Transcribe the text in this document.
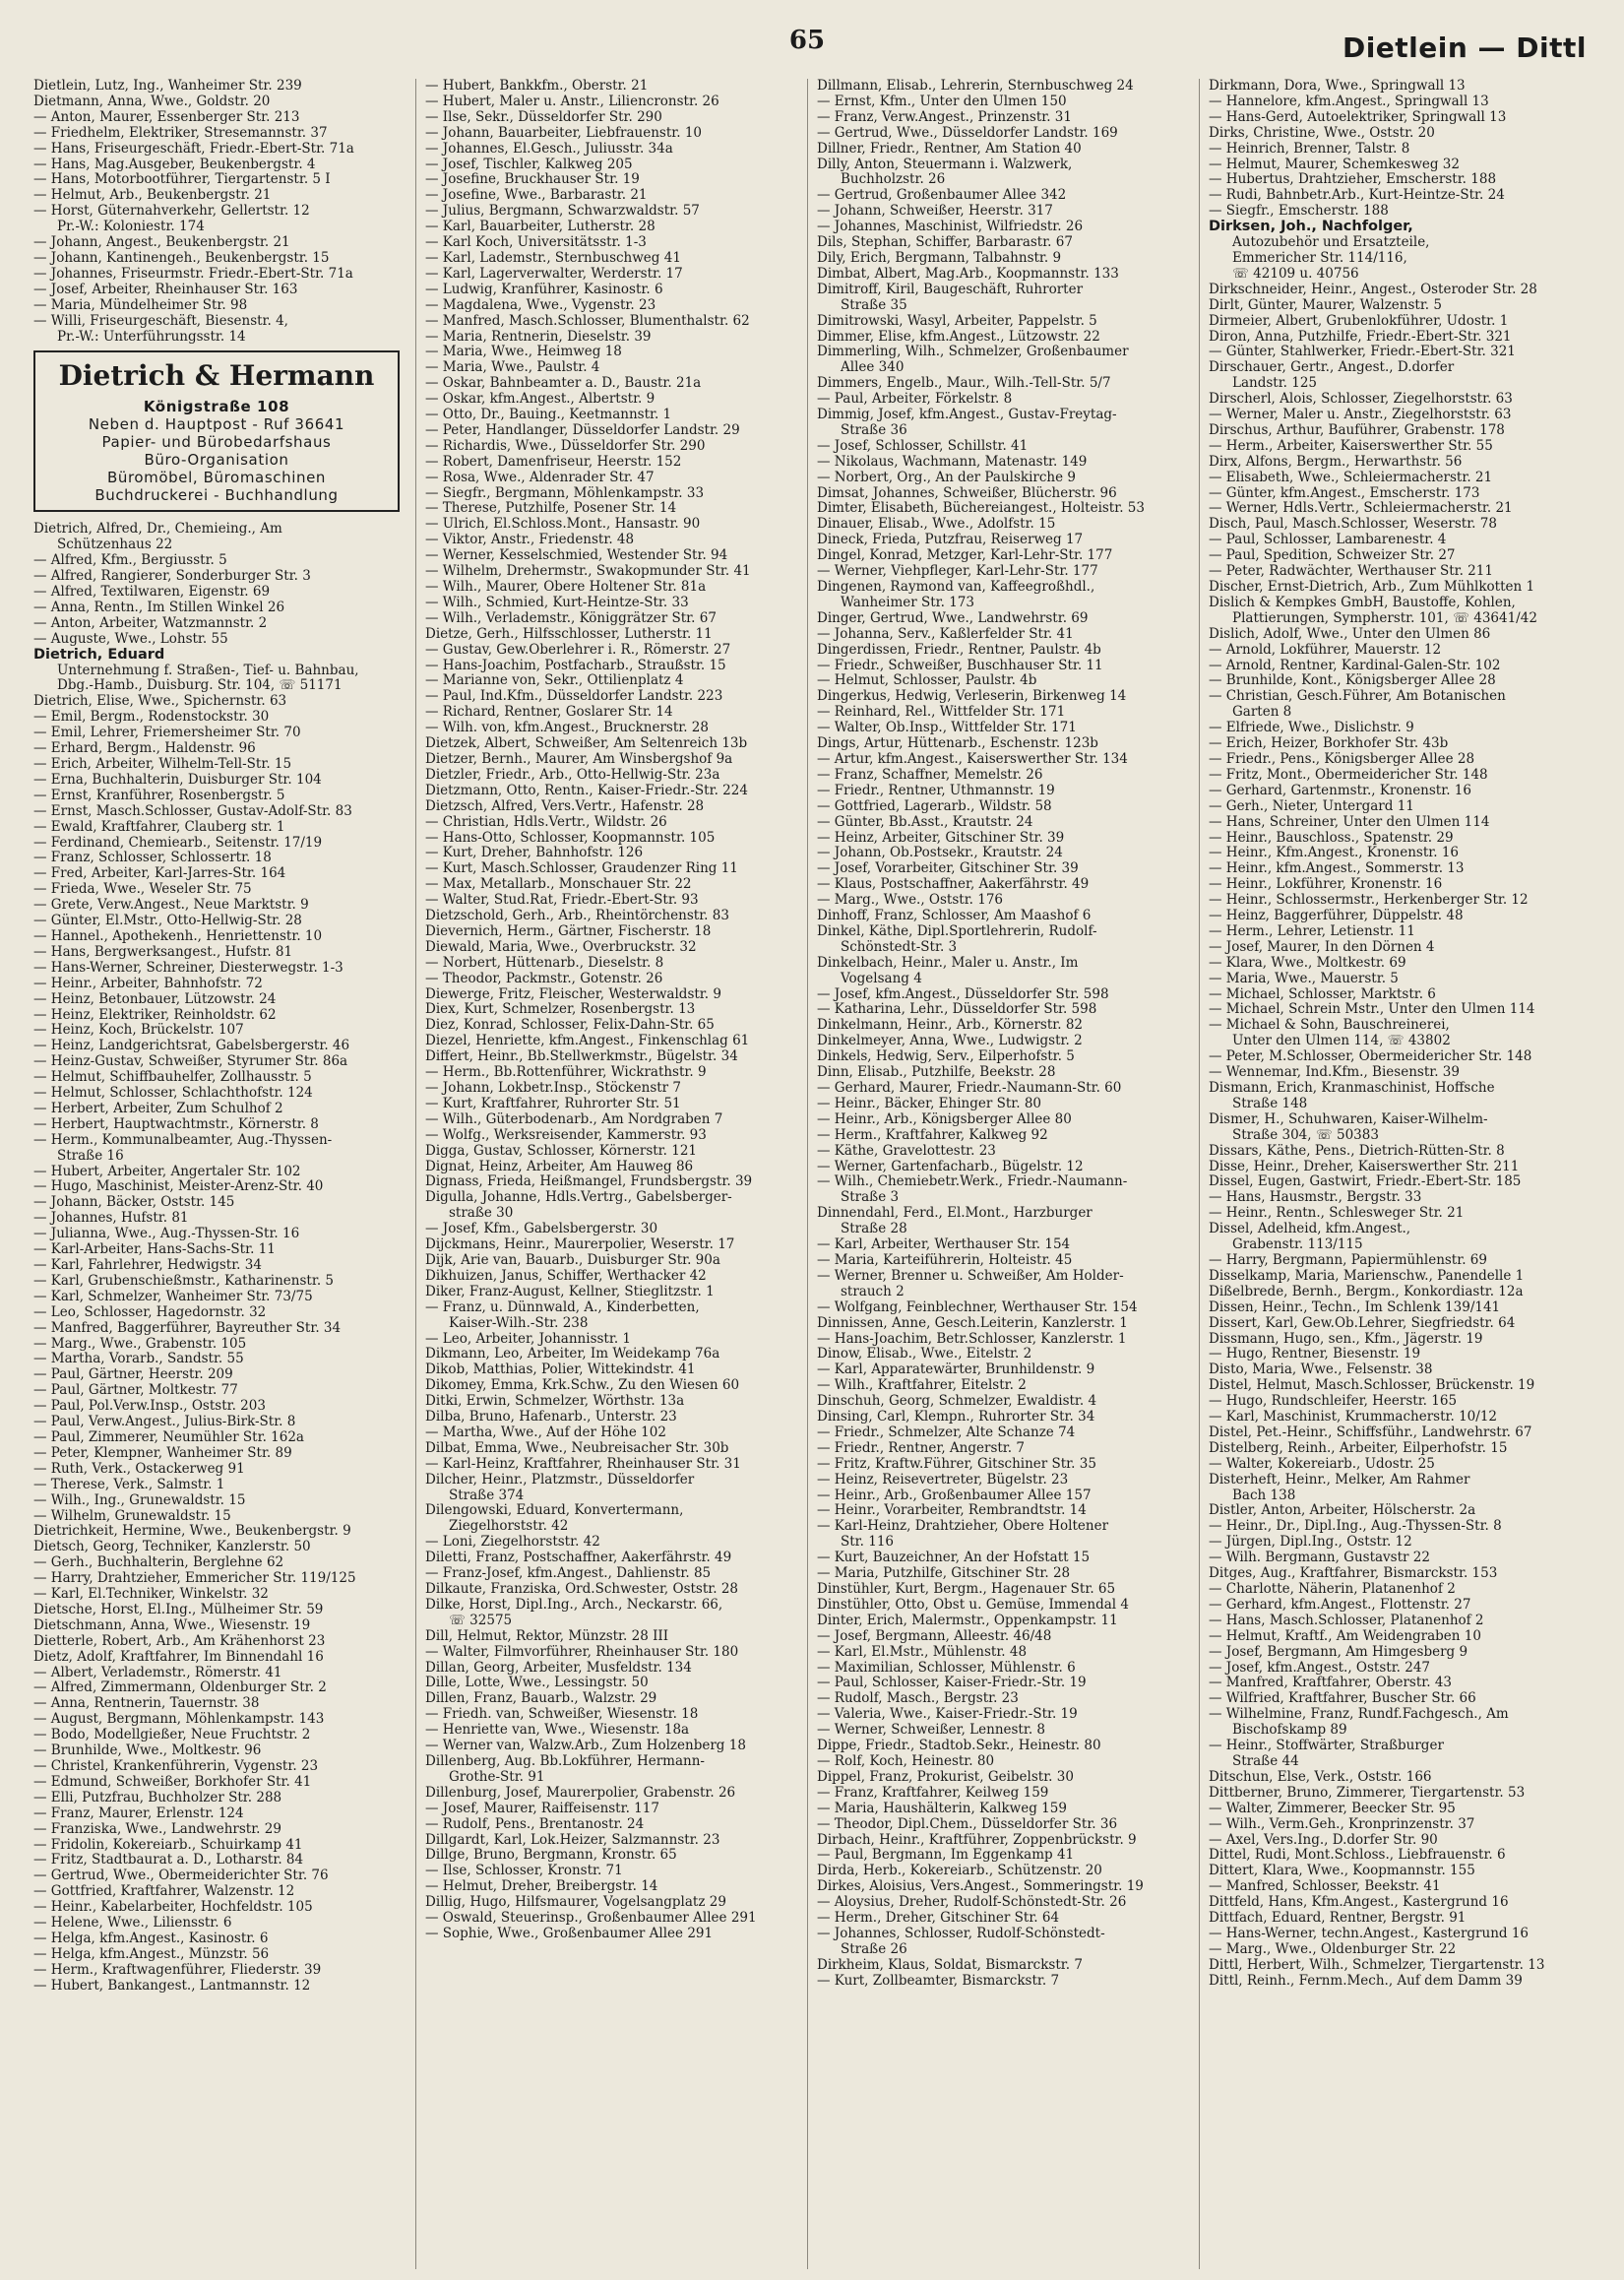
65	Dietlein — Dittl
Dietlein, Lutz, Ing., Wanheimer Str. 239
Dietmann, Anna, Wwe., Goldstr. 20
— Anton, Maurer, Essenberger Str. 213
— Friedhelm, Elektriker, Stresemannstr. 37
— Hans, Friseurgeschäft, Friedr.-Ebert-Str. 71a
— Hans, Mag.Ausgeber, Beukenbergstr. 4
— Hans, Motorbootführer, Tiergartenstr. 5 I
— Helmut, Arb., Beukenbergstr. 21
— Horst, Güternahverkehr, Gellertstr. 12
Pr.-W.: Koloniestr. 174
— Johann, Angest., Beukenbergstr. 21
— Johann, Kantinengeh., Beukenbergstr. 15
— Johannes, Friseurmstr. Friedr.-Ebert-Str. 71a
— Josef, Arbeiter, Rheinhauser Str. 163
— Maria, Mündelheimer Str. 98
— Willi, Friseurgeschäft, Biesenstr. 4,
Pr.-W.: Unterführungsstr. 14
Dietrich & Hermann
Königstraße 108
Neben d. Hauptpost - Ruf 36641
Papier- und Bürobedarfshaus
Büro-Organisation
Büromöbel, Büromaschinen
Buchdruckerei - Buchhandlung
Dietrich, Alfred, Dr., Chemieing., Am
Schützenhaus 22
— Alfred, Kfm., Bergiusstr. 5
— Alfred, Rangierer, Sonderburger Str. 3
— Alfred, Textilwaren, Eigenstr. 69
— Anna, Rentn., Im Stillen Winkel 26
— Anton, Arbeiter, Watzmannstr. 2
— Auguste, Wwe., Lohstr. 55
Dietrich, Eduard
Unternehmung f. Straßen-, Tief- u. Bahnbau,
Dbg.-Hamb., Duisburg. Str. 104, ☏ 51171
Dietrich, Elise, Wwe., Spichernstr. 63
— Emil, Bergm., Rodenstockstr. 30
— Emil, Lehrer, Friemersheimer Str. 70
— Erhard, Bergm., Haldenstr. 96
— Erich, Arbeiter, Wilhelm-Tell-Str. 15
— Erna, Buchhalterin, Duisburger Str. 104
— Ernst, Kranführer, Rosenbergstr. 5
— Ernst, Masch.Schlosser, Gustav-Adolf-Str. 83
— Ewald, Kraftfahrer, Clauberg str. 1
— Ferdinand, Chemiearb., Seitenstr. 17/19
— Franz, Schlosser, Schlossertr. 18
— Fred, Arbeiter, Karl-Jarres-Str. 164
— Frieda, Wwe., Weseler Str. 75
— Grete, Verw.Angest., Neue Marktstr. 9
— Günter, El.Mstr., Otto-Hellwig-Str. 28
— Hannel., Apothekenh., Henriettenstr. 10
— Hans, Bergwerksangest., Hufstr. 81
— Hans-Werner, Schreiner, Diesterwegstr. 1-3
— Heinr., Arbeiter, Bahnhofstr. 72
— Heinz, Betonbauer, Lützowstr. 24
— Heinz, Elektriker, Reinholdstr. 62
— Heinz, Koch, Brückelstr. 107
— Heinz, Landgerichtsrat, Gabelsbergerstr. 46
— Heinz-Gustav, Schweißer, Styrumer Str. 86a
— Helmut, Schiffbauhelfer, Zollhausstr. 5
— Helmut, Schlosser, Schlachthofstr. 124
— Herbert, Arbeiter, Zum Schulhof 2
— Herbert, Hauptwachtmstr., Körnerstr. 8
— Herm., Kommunalbeamter, Aug.-Thyssen-
Straße 16
— Hubert, Arbeiter, Angertaler Str. 102
— Hugo, Maschinist, Meister-Arenz-Str. 40
— Johann, Bäcker, Oststr. 145
— Johannes, Hufstr. 81
— Julianna, Wwe., Aug.-Thyssen-Str. 16
— Karl-Arbeiter, Hans-Sachs-Str. 11
— Karl, Fahrlehrer, Hedwigstr. 34
— Karl, Grubenschießmstr., Katharinenstr. 5
— Karl, Schmelzer, Wanheimer Str. 73/75
— Leo, Schlosser, Hagedornstr. 32
— Manfred, Baggerführer, Bayreuther Str. 34
— Marg., Wwe., Grabenstr. 105
— Martha, Vorarb., Sandstr. 55
— Paul, Gärtner, Heerstr. 209
— Paul, Gärtner, Moltkestr. 77
— Paul, Pol.Verw.Insp., Oststr. 203
— Paul, Verw.Angest., Julius-Birk-Str. 8
— Paul, Zimmerer, Neumühler Str. 162a
— Peter, Klempner, Wanheimer Str. 89
— Ruth, Verk., Ostackerweg 91
— Therese, Verk., Salmstr. 1
— Wilh., Ing., Grunewaldstr. 15
— Wilhelm, Grunewaldstr. 15
Dietrichkeit, Hermine, Wwe., Beukenbergstr. 9
Dietsch, Georg, Techniker, Kanzlerstr. 50
— Gerh., Buchhalterin, Berglehne 62
— Harry, Drahtzieher, Emmericher Str. 119/125
— Karl, El.Techniker, Winkelstr. 32
Dietsche, Horst, El.Ing., Mülheimer Str. 59
Dietschmann, Anna, Wwe., Wiesenstr. 19
Dietterle, Robert, Arb., Am Krähenhorst 23
Dietz, Adolf, Kraftfahrer, Im Binnendahl 16
— Albert, Verlademstr., Römerstr. 41
— Alfred, Zimmermann, Oldenburger Str. 2
— Anna, Rentnerin, Tauernstr. 38
— August, Bergmann, Möhlenkampstr. 143
— Bodo, Modellgießer, Neue Fruchtstr. 2
— Brunhilde, Wwe., Moltkestr. 96
— Christel, Krankenführerin, Vygenstr. 23
— Edmund, Schweißer, Borkhofer Str. 41
— Elli, Putzfrau, Buchholzer Str. 288
— Franz, Maurer, Erlenstr. 124
— Franziska, Wwe., Landwehrstr. 29
— Fridolin, Kokereiarb., Schuirkamp 41
— Fritz, Stadtbaurat a. D., Lotharstr. 84
— Gertrud, Wwe., Obermeiderichter Str. 76
— Gottfried, Kraftfahrer, Walzenstr. 12
— Heinr., Kabelarbeiter, Hochfeldstr. 105
— Helene, Wwe., Liliensstr. 6
— Helga, kfm.Angest., Kasinostr. 6
— Helga, kfm.Angest., Münzstr. 56
— Herm., Kraftwagenführer, Fliederstr. 39
— Hubert, Bankangest., Lantmannstr. 12
— Hubert, Bankkfm., Oberstr. 21
— Hubert, Maler u. Anstr., Liliencronstr. 26
— Ilse, Sekr., Düsseldorfer Str. 290
— Johann, Bauarbeiter, Liebfrauenstr. 10
— Johannes, El.Gesch., Juliusstr. 34a
— Josef, Tischler, Kalkweg 205
— Josefine, Bruckhauser Str. 19
— Josefine, Wwe., Barbarastr. 21
— Julius, Bergmann, Schwarzwaldstr. 57
— Karl, Bauarbeiter, Lutherstr. 28
— Karl Koch, Universitätsstr. 1-3
— Karl, Lademstr., Sternbuschweg 41
— Karl, Lagerverwalter, Werderstr. 17
— Ludwig, Kranführer, Kasinostr. 6
— Magdalena, Wwe., Vygenstr. 23
— Manfred, Masch.Schlosser, Blumenthalstr. 62
— Maria, Rentnerin, Dieselstr. 39
— Maria, Wwe., Heimweg 18
— Maria, Wwe., Paulstr. 4
— Oskar, Bahnbeamter a. D., Baustr. 21a
— Oskar, kfm.Angest., Albertstr. 9
— Otto, Dr., Bauing., Keetmannstr. 1
— Peter, Handlanger, Düsseldorfer Landstr. 29
— Richardis, Wwe., Düsseldorfer Str. 290
— Robert, Damenfriseur, Heerstr. 152
— Rosa, Wwe., Aldenrader Str. 47
— Siegfr., Bergmann, Möhlenkampstr. 33
— Therese, Putzhilfe, Posener Str. 14
— Ulrich, El.Schloss.Mont., Hansastr. 90
— Viktor, Anstr., Friedenstr. 48
— Werner, Kesselschmied, Westender Str. 94
— Wilhelm, Drehermstr., Swakopmunder Str. 41
— Wilh., Maurer, Obere Holtener Str. 81a
— Wilh., Schmied, Kurt-Heintze-Str. 33
— Wilh., Verlademstr., Königgrätzer Str. 67
Dietze, Gerh., Hilfsschlosser, Lutherstr. 11
— Gustav, Gew.Oberlehrer i. R., Römerstr. 27
— Hans-Joachim, Postfacharb., Straußstr. 15
— Marianne von, Sekr., Ottilienplatz 4
— Paul, Ind.Kfm., Düsseldorfer Landstr. 223
— Richard, Rentner, Goslarer Str. 14
— Wilh. von, kfm.Angest., Brucknerstr. 28
Dietzek, Albert, Schweißer, Am Seltenreich 13b
Dietzer, Bernh., Maurer, Am Winsbergshof 9a
Dietzler, Friedr., Arb., Otto-Hellwig-Str. 23a
Dietzmann, Otto, Rentn., Kaiser-Friedr.-Str. 224
Dietzsch, Alfred, Vers.Vertr., Hafenstr. 28
— Christian, Hdls.Vertr., Wildstr. 26
— Hans-Otto, Schlosser, Koopmannstr. 105
— Kurt, Dreher, Bahnhofstr. 126
— Kurt, Masch.Schlosser, Graudenzer Ring 11
— Max, Metallarb., Monschauer Str. 22
— Walter, Stud.Rat, Friedr.-Ebert-Str. 93
Dietzschold, Gerh., Arb., Rheintörchenstr. 83
Dievernich, Herm., Gärtner, Fischerstr. 18
Diewald, Maria, Wwe., Overbruckstr. 32
— Norbert, Hüttenarb., Dieselstr. 8
— Theodor, Packmstr., Gotenstr. 26
Diewerge, Fritz, Fleischer, Westerwaldstr. 9
Diex, Kurt, Schmelzer, Rosenbergstr. 13
Diez, Konrad, Schlosser, Felix-Dahn-Str. 65
Diezel, Henriette, kfm.Angest., Finkenschlag 61
Differt, Heinr., Bb.Stellwerkmstr., Bügelstr. 34
— Herm., Bb.Rottenführer, Wickrathstr. 9
— Johann, Lokbetr.Insp., Stöckenstr 7
— Kurt, Kraftfahrer, Ruhrorter Str. 51
— Wilh., Güterbodenarb., Am Nordgraben 7
— Wolfg., Werksreisender, Kammerstr. 93
Digga, Gustav, Schlosser, Körnerstr. 121
Dignat, Heinz, Arbeiter, Am Hauweg 86
Dignass, Frieda, Heißmangel, Frundsbergstr. 39
Digulla, Johanne, Hdls.Vertrg., Gabelsberger-
straße 30
— Josef, Kfm., Gabelsbergerstr. 30
Dijckmans, Heinr., Maurerpolier, Weserstr. 17
Dijk, Arie van, Bauarb., Duisburger Str. 90a
Dikhuizen, Janus, Schiffer, Werthacker 42
Diker, Franz-August, Kellner, Stieglitzstr. 1
— Franz, u. Dünnwald, A., Kinderbetten,
Kaiser-Wilh.-Str. 238
— Leo, Arbeiter, Johannisstr. 1
Dikmann, Leo, Arbeiter, Im Weidekamp 76a
Dikob, Matthias, Polier, Wittekindstr. 41
Dikomey, Emma, Krk.Schw., Zu den Wiesen 60
Ditki, Erwin, Schmelzer, Wörthstr. 13a
Dilba, Bruno, Hafenarb., Unterstr. 23
— Martha, Wwe., Auf der Höhe 102
Dilbat, Emma, Wwe., Neubreisacher Str. 30b
— Karl-Heinz, Kraftfahrer, Rheinhauser Str. 31
Dilcher, Heinr., Platzmstr., Düsseldorfer
Straße 374
Dilengowski, Eduard, Konvertermann,
Ziegelhorststr. 42
— Loni, Ziegelhorststr. 42
Diletti, Franz, Postschaffner, Aakerfährstr. 49
— Franz-Josef, kfm.Angest., Dahlienstr. 85
Dilkaute, Franziska, Ord.Schwester, Oststr. 28
Dilke, Horst, Dipl.Ing., Arch., Neckarstr. 66,
☏ 32575
Dill, Helmut, Rektor, Münzstr. 28 III
— Walter, Filmvorführer, Rheinhauser Str. 180
Dillan, Georg, Arbeiter, Musfeldstr. 134
Dille, Lotte, Wwe., Lessingstr. 50
Dillen, Franz, Bauarb., Walzstr. 29
— Friedh. van, Schweißer, Wiesenstr. 18
— Henriette van, Wwe., Wiesenstr. 18a
— Werner van, Walzw.Arb., Zum Holzenberg 18
Dillenberg, Aug. Bb.Lokführer, Hermann-
Grothe-Str. 91
Dillenburg, Josef, Maurerpolier, Grabenstr. 26
— Josef, Maurer, Raiffeisenstr. 117
— Rudolf, Pens., Brentanostr. 24
Dillgardt, Karl, Lok.Heizer, Salzmannstr. 23
Dillge, Bruno, Bergmann, Kronstr. 65
— Ilse, Schlosser, Kronstr. 71
— Helmut, Dreher, Breibergstr. 14
Dillig, Hugo, Hilfsmaurer, Vogelsangplatz 29
— Oswald, Steuerinsp., Großenbaumer Allee 291
— Sophie, Wwe., Großenbaumer Allee 291
Dillmann, Elisab., Lehrerin, Sternbuschweg 24
— Ernst, Kfm., Unter den Ulmen 150
— Franz, Verw.Angest., Prinzenstr. 31
— Gertrud, Wwe., Düsseldorfer Landstr. 169
Dillner, Friedr., Rentner, Am Station 40
Dilly, Anton, Steuermann i. Walzwerk,
Buchholzstr. 26
— Gertrud, Großenbaumer Allee 342
— Johann, Schweißer, Heerstr. 317
— Johannes, Maschinist, Wilfriedstr. 26
Dils, Stephan, Schiffer, Barbarastr. 67
Dily, Erich, Bergmann, Talbahnstr. 9
Dimbat, Albert, Mag.Arb., Koopmannstr. 133
Dimitroff, Kiril, Baugeschäft, Ruhrorter
Straße 35
Dimitrowski, Wasyl, Arbeiter, Pappelstr. 5
Dimmer, Elise, kfm.Angest., Lützowstr. 22
Dimmerling, Wilh., Schmelzer, Großenbaumer
Allee 340
Dimmers, Engelb., Maur., Wilh.-Tell-Str. 5/7
— Paul, Arbeiter, Förkelstr. 8
Dimmig, Josef, kfm.Angest., Gustav-Freytag-
Straße 36
— Josef, Schlosser, Schillstr. 41
— Nikolaus, Wachmann, Matenastr. 149
— Norbert, Org., An der Paulskirche 9
Dimsat, Johannes, Schweißer, Blücherstr. 96
Dimter, Elisabeth, Büchereiangest., Holteistr. 53
Dinauer, Elisab., Wwe., Adolfstr. 15
Dineck, Frieda, Putzfrau, Reiserweg 17
Dingel, Konrad, Metzger, Karl-Lehr-Str. 177
— Werner, Viehpfleger, Karl-Lehr-Str. 177
Dingenen, Raymond van, Kaffeegroßhdl.,
Wanheimer Str. 173
Dinger, Gertrud, Wwe., Landwehrstr. 69
— Johanna, Serv., Kaßlerfelder Str. 41
Dingerdissen, Friedr., Rentner, Paulstr. 4b
— Friedr., Schweißer, Buschhauser Str. 11
— Helmut, Schlosser, Paulstr. 4b
Dingerkus, Hedwig, Verleserin, Birkenweg 14
— Reinhard, Rel., Wittfelder Str. 171
— Walter, Ob.Insp., Wittfelder Str. 171
Dings, Artur, Hüttenarb., Eschenstr. 123b
— Artur, kfm.Angest., Kaiserswerther Str. 134
— Franz, Schaffner, Memelstr. 26
— Friedr., Rentner, Uthmannstr. 19
— Gottfried, Lagerarb., Wildstr. 58
— Günter, Bb.Asst., Krautstr. 24
— Heinz, Arbeiter, Gitschiner Str. 39
— Johann, Ob.Postsekr., Krautstr. 24
— Josef, Vorarbeiter, Gitschiner Str. 39
— Klaus, Postschaffner, Aakerfährstr. 49
— Marg., Wwe., Oststr. 176
Dinhoff, Franz, Schlosser, Am Maashof 6
Dinkel, Käthe, Dipl.Sportlehrerin, Rudolf-
Schönstedt-Str. 3
Dinkelbach, Heinr., Maler u. Anstr., Im
Vogelsang 4
— Josef, kfm.Angest., Düsseldorfer Str. 598
— Katharina, Lehr., Düsseldorfer Str. 598
Dinkelmann, Heinr., Arb., Körnerstr. 82
Dinkelmeyer, Anna, Wwe., Ludwigstr. 2
Dinkels, Hedwig, Serv., Eilperhofstr. 5
Dinn, Elisab., Putzhilfe, Beekstr. 28
— Gerhard, Maurer, Friedr.-Naumann-Str. 60
— Heinr., Bäcker, Ehinger Str. 80
— Heinr., Arb., Königsberger Allee 80
— Herm., Kraftfahrer, Kalkweg 92
— Käthe, Gravelottestr. 23
— Werner, Gartenfacharb., Bügelstr. 12
— Wilh., Chemiebetr.Werk., Friedr.-Naumann-
Straße 3
Dinnendahl, Ferd., El.Mont., Harzburger
Straße 28
— Karl, Arbeiter, Werthauser Str. 154
— Maria, Karteiführerin, Holteistr. 45
— Werner, Brenner u. Schweißer, Am Holder-
strauch 2
— Wolfgang, Feinblechner, Werthauser Str. 154
Dinnissen, Änne, Gesch.Leiterin, Kanzlerstr. 1
— Hans-Joachim, Betr.Schlosser, Kanzlerstr. 1
Dinow, Elisab., Wwe., Eitelstr. 2
— Karl, Apparatewärter, Brunhildenstr. 9
— Wilh., Kraftfahrer, Eitelstr. 2
Dinschuh, Georg, Schmelzer, Ewaldistr. 4
Dinsing, Carl, Klempn., Ruhrorter Str. 34
— Friedr., Schmelzer, Alte Schanze 74
— Friedr., Rentner, Angerstr. 7
— Fritz, Kraftw.Führer, Gitschiner Str. 35
— Heinz, Reisevertreter, Bügelstr. 23
— Heinr., Arb., Großenbaumer Allee 157
— Heinr., Vorarbeiter, Rembrandtstr. 14
— Karl-Heinz, Drahtzieher, Obere Holtener
Str. 116
— Kurt, Bauzeichner, An der Hofstatt 15
— Maria, Putzhilfe, Gitschiner Str. 28
Dinstühler, Kurt, Bergm., Hagenauer Str. 65
Dinstühler, Otto, Obst u. Gemüse, Immendal 4
Dinter, Erich, Malermstr., Oppenkampstr. 11
— Josef, Bergmann, Alleestr. 46/48
— Karl, El.Mstr., Mühlenstr. 48
— Maximilian, Schlosser, Mühlenstr. 6
— Paul, Schlosser, Kaiser-Friedr.-Str. 19
— Rudolf, Masch., Bergstr. 23
— Valeria, Wwe., Kaiser-Friedr.-Str. 19
— Werner, Schweißer, Lennestr. 8
Dippe, Friedr., Stadtob.Sekr., Heinestr. 80
— Rolf, Koch, Heinestr. 80
Dippel, Franz, Prokurist, Geibelstr. 30
— Franz, Kraftfahrer, Keilweg 159
— Maria, Haushälterin, Kalkweg 159
— Theodor, Dipl.Chem., Düsseldorfer Str. 36
Dirbach, Heinr., Kraftführer, Zoppenbrückstr. 9
— Paul, Bergmann, Im Eggenkamp 41
Dirda, Herb., Kokereiarb., Schützenstr. 20
Dirkes, Aloisius, Vers.Angest., Sommeringstr. 19
— Aloysius, Dreher, Rudolf-Schönstedt-Str. 26
— Herm., Dreher, Gitschiner Str. 64
— Johannes, Schlosser, Rudolf-Schönstedt-
Straße 26
Dirkheim, Klaus, Soldat, Bismarckstr. 7
— Kurt, Zollbeamter, Bismarckstr. 7
Dirkmann, Dora, Wwe., Springwall 13
— Hannelore, kfm.Angest., Springwall 13
— Hans-Gerd, Autoelektriker, Springwall 13
Dirks, Christine, Wwe., Oststr. 20
— Heinrich, Brenner, Talstr. 8
— Helmut, Maurer, Schemkesweg 32
— Hubertus, Drahtzieher, Emscherstr. 188
— Rudi, Bahnbetr.Arb., Kurt-Heintze-Str. 24
— Siegfr., Emscherstr. 188
Dirksen, Joh., Nachfolger,
Autozubehör und Ersatzteile,
Emmericher Str. 114/116,
☏ 42109 u. 40756
Dirkschneider, Heinr., Angest., Osteroder Str. 28
Dirlt, Günter, Maurer, Walzenstr. 5
Dirmeier, Albert, Grubenlokführer, Udostr. 1
Diron, Anna, Putzhilfe, Friedr.-Ebert-Str. 321
— Günter, Stahlwerker, Friedr.-Ebert-Str. 321
Dirschauer, Gertr., Angest., D.dorfer
Landstr. 125
Dirscherl, Alois, Schlosser, Ziegelhorststr. 63
— Werner, Maler u. Anstr., Ziegelhorststr. 63
Dirschus, Arthur, Bauführer, Grabenstr. 178
— Herm., Arbeiter, Kaiserswerther Str. 55
Dirx, Alfons, Bergm., Herwarthstr. 56
— Elisabeth, Wwe., Schleiermacherstr. 21
— Günter, kfm.Angest., Emscherstr. 173
— Werner, Hdls.Vertr., Schleiermacherstr. 21
Disch, Paul, Masch.Schlosser, Weserstr. 78
— Paul, Schlosser, Lambarenestr. 4
— Paul, Spedition, Schweizer Str. 27
— Peter, Radwächter, Werthauser Str. 211
Discher, Ernst-Dietrich, Arb., Zum Mühlkotten 1
Dislich & Kempkes GmbH, Baustoffe, Kohlen,
Plattierungen, Sympherstr. 101, ☏ 43641/42
Dislich, Adolf, Wwe., Unter den Ulmen 86
— Arnold, Lokführer, Mauerstr. 12
— Arnold, Rentner, Kardinal-Galen-Str. 102
— Brunhilde, Kont., Königsberger Allee 28
— Christian, Gesch.Führer, Am Botanischen
Garten 8
— Elfriede, Wwe., Dislichstr. 9
— Erich, Heizer, Borkhofer Str. 43b
— Friedr., Pens., Königsberger Allee 28
— Fritz, Mont., Obermeidericher Str. 148
— Gerhard, Gartenmstr., Kronenstr. 16
— Gerh., Nieter, Untergard 11
— Hans, Schreiner, Unter den Ulmen 114
— Heinr., Bauschloss., Spatenstr. 29
— Heinr., Kfm.Angest., Kronenstr. 16
— Heinr., kfm.Angest., Sommerstr. 13
— Heinr., Lokführer, Kronenstr. 16
— Heinr., Schlossermstr., Herkenberger Str. 12
— Heinz, Baggerführer, Düppelstr. 48
— Herm., Lehrer, Letienstr. 11
— Josef, Maurer, In den Dörnen 4
— Klara, Wwe., Moltkestr. 69
— Maria, Wwe., Mauerstr. 5
— Michael, Schlosser, Marktstr. 6
— Michael, Schrein Mstr., Unter den Ulmen 114
— Michael & Sohn, Bauschreinerei,
Unter den Ulmen 114, ☏ 43802
— Peter, M.Schlosser, Obermeidericher Str. 148
— Wennemar, Ind.Kfm., Biesenstr. 39
Dismann, Erich, Kranmaschinist, Hoffsche
Straße 148
Dismer, H., Schuhwaren, Kaiser-Wilhelm-
Straße 304, ☏ 50383
Dissars, Käthe, Pens., Dietrich-Rütten-Str. 8
Disse, Heinr., Dreher, Kaiserswerther Str. 211
Dissel, Eugen, Gastwirt, Friedr.-Ebert-Str. 185
— Hans, Hausmstr., Bergstr. 33
— Heinr., Rentn., Schlesweger Str. 21
Dissel, Adelheid, kfm.Angest.,
Grabenstr. 113/115
— Harry, Bergmann, Papiermühlenstr. 69
Disselkamp, Maria, Marienschw., Panendelle 1
Dißelbrede, Bernh., Bergm., Konkordiastr. 12a
Dissen, Heinr., Techn., Im Schlenk 139/141
Dissert, Karl, Gew.Ob.Lehrer, Siegfriedstr. 64
Dissmann, Hugo, sen., Kfm., Jägerstr. 19
— Hugo, Rentner, Biesenstr. 19
Disto, Maria, Wwe., Felsenstr. 38
Distel, Helmut, Masch.Schlosser, Brückenstr. 19
— Hugo, Rundschleifer, Heerstr. 165
— Karl, Maschinist, Krummacherstr. 10/12
Distel, Pet.-Heinr., Schiffsführ., Landwehrstr. 67
Distelberg, Reinh., Arbeiter, Eilperhofstr. 15
— Walter, Kokereiarb., Udostr. 25
Disterheft, Heinr., Melker, Am Rahmer
Bach 138
Distler, Anton, Arbeiter, Hölscherstr. 2a
— Heinr., Dr., Dipl.Ing., Aug.-Thyssen-Str. 8
— Jürgen, Dipl.Ing., Oststr. 12
— Wilh. Bergmann, Gustavstr 22
Ditges, Aug., Kraftfahrer, Bismarckstr. 153
— Charlotte, Näherin, Platanenhof 2
— Gerhard, kfm.Angest., Flottenstr. 27
— Hans, Masch.Schlosser, Platanenhof 2
— Helmut, Kraftf., Am Weidengraben 10
— Josef, Bergmann, Am Himgesberg 9
— Josef, kfm.Angest., Oststr. 247
— Manfred, Kraftfahrer, Oberstr. 43
— Wilfried, Kraftfahrer, Buscher Str. 66
— Wilhelmine, Franz, Rundf.Fachgesch., Am
Bischofskamp 89
— Heinr., Stoffwärter, Straßburger
Straße 44
Ditschun, Else, Verk., Oststr. 166
Dittberner, Bruno, Zimmerer, Tiergartenstr. 53
— Walter, Zimmerer, Beecker Str. 95
— Wilh., Verm.Geh., Kronprinzenstr. 37
— Axel, Vers.Ing., D.dorfer Str. 90
Dittel, Rudi, Mont.Schloss., Liebfrauenstr. 6
Dittert, Klara, Wwe., Koopmannstr. 155
— Manfred, Schlosser, Beekstr. 41
Dittfeld, Hans, Kfm.Angest., Kastergrund 16
Dittfach, Eduard, Rentner, Bergstr. 91
— Hans-Werner, techn.Angest., Kastergrund 16
— Marg., Wwe., Oldenburger Str. 22
Dittl, Herbert, Wilh., Schmelzer, Tiergartenstr. 13
Dittl, Reinh., Fernm.Mech., Auf dem Damm 39
